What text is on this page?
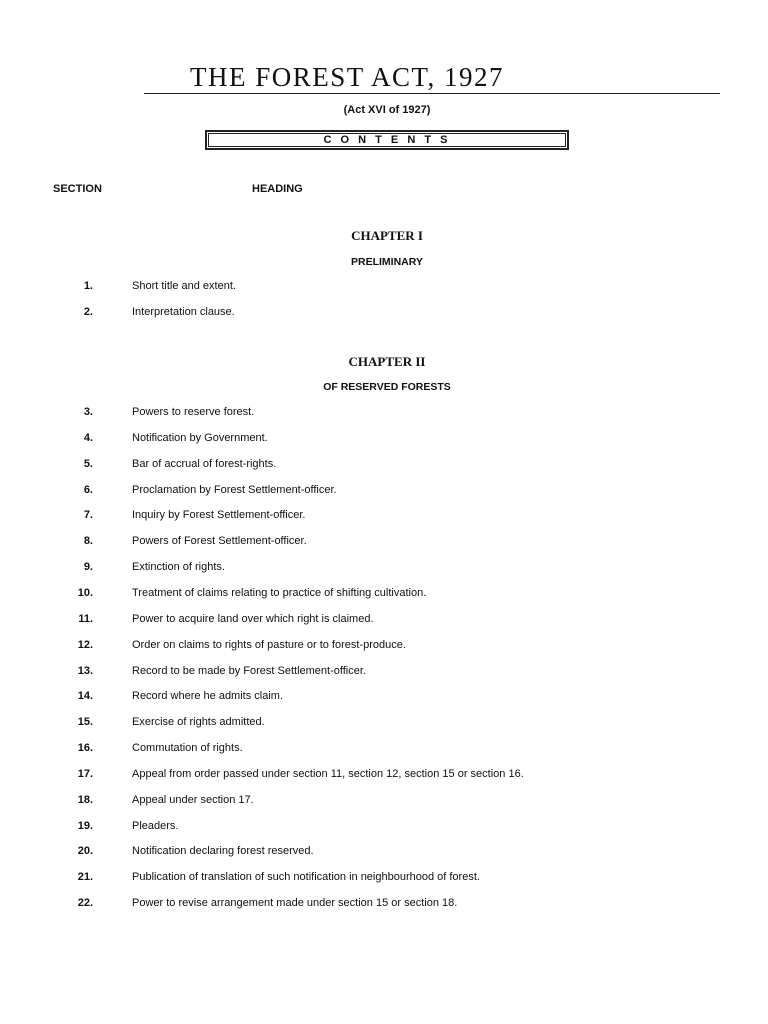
THE FOREST ACT, 1927
(Act XVI of 1927)
C O N T E N T S
SECTION	HEADING
CHAPTER I
PRELIMINARY
1.	Short title and extent.
2.	Interpretation clause.
CHAPTER II
OF RESERVED FORESTS
3.	Powers to reserve forest.
4.	Notification by Government.
5.	Bar of accrual of forest-rights.
6.	Proclamation by Forest Settlement-officer.
7.	Inquiry by Forest Settlement-officer.
8.	Powers of Forest Settlement-officer.
9.	Extinction of rights.
10.	Treatment of claims relating to practice of shifting cultivation.
11.	Power to acquire land over which right is claimed.
12.	Order on claims to rights of pasture or to forest-produce.
13.	Record to be made by Forest Settlement-officer.
14.	Record where he admits claim.
15.	Exercise of rights admitted.
16.	Commutation of rights.
17.	Appeal from order passed under section 11, section 12, section 15 or section 16.
18.	Appeal under section 17.
19.	Pleaders.
20.	Notification declaring forest reserved.
21.	Publication of translation of such notification in neighbourhood of forest.
22.	Power to revise arrangement made under section 15 or section 18.
